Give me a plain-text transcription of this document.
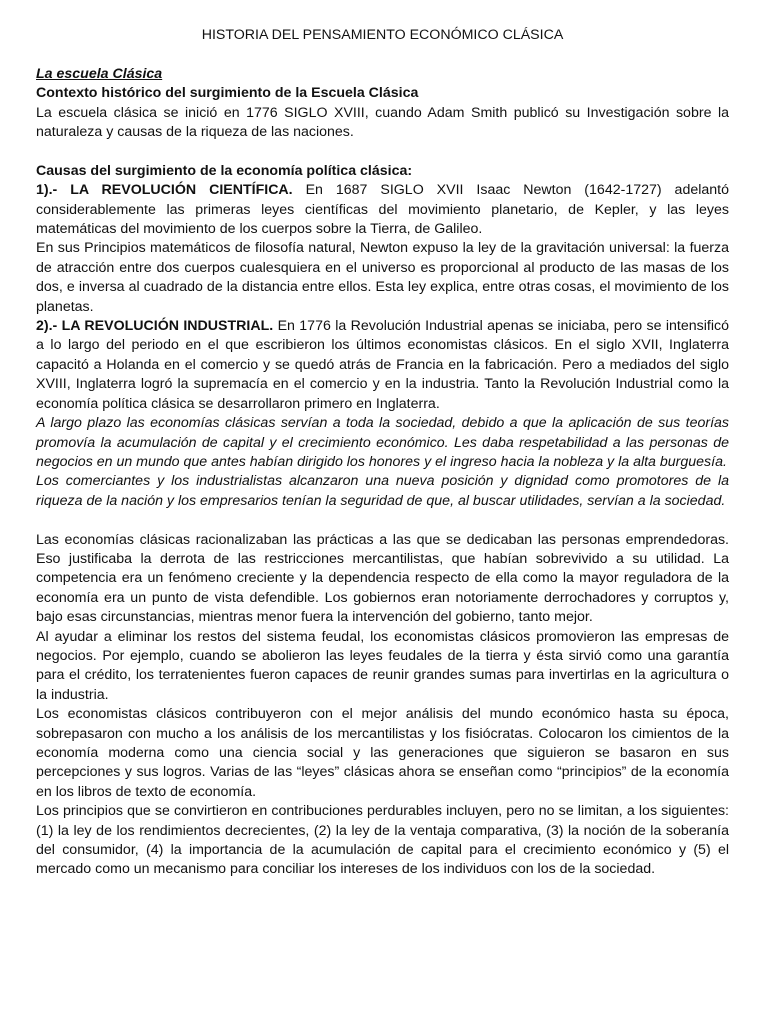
HISTORIA DEL PENSAMIENTO ECONÓMICO CLÁSICA
La escuela Clásica
Contexto histórico del surgimiento de la Escuela Clásica

La escuela clásica se inició en 1776 SIGLO XVIII, cuando Adam Smith publicó su Investigación sobre la naturaleza y causas de la riqueza de las naciones.

Causas del surgimiento de la economía política clásica:

1).- LA REVOLUCIÓN CIENTÍFICA. En 1687 SIGLO XVII Isaac Newton (1642-1727) adelantó considerablemente las primeras leyes científicas del movimiento planetario, de Kepler, y las leyes matemáticas del movimiento de los cuerpos sobre la Tierra, de Galileo.

En sus Principios matemáticos de filosofía natural, Newton expuso la ley de la gravitación universal: la fuerza de atracción entre dos cuerpos cualesquiera en el universo es proporcional al producto de las masas de los dos, e inversa al cuadrado de la distancia entre ellos. Esta ley explica, entre otras cosas, el movimiento de los planetas.

2).- LA REVOLUCIÓN INDUSTRIAL. En 1776 la Revolución Industrial apenas se iniciaba, pero se intensificó a lo largo del periodo en el que escribieron los últimos economistas clásicos. En el siglo XVII, Inglaterra capacitó a Holanda en el comercio y se quedó atrás de Francia en la fabricación. Pero a mediados del siglo XVIII, Inglaterra logró la supremacía en el comercio y en la industria. Tanto la Revolución Industrial como la economía política clásica se desarrollaron primero en Inglaterra.

A largo plazo las economías clásicas servían a toda la sociedad, debido a que la aplicación de sus teorías promovía la acumulación de capital y el crecimiento económico. Les daba respetabilidad a las personas de negocios en un mundo que antes habían dirigido los honores y el ingreso hacia la nobleza y la alta burguesía.

Los comerciantes y los industrialistas alcanzaron una nueva posición y dignidad como promotores de la riqueza de la nación y los empresarios tenían la seguridad de que, al buscar utilidades, servían a la sociedad.

Las economías clásicas racionalizaban las prácticas a las que se dedicaban las personas emprendedoras. Eso justificaba la derrota de las restricciones mercantilistas, que habían sobrevivido a su utilidad. La competencia era un fenómeno creciente y la dependencia respecto de ella como la mayor reguladora de la economía era un punto de vista defendible. Los gobiernos eran notoriamente derrochadores y corruptos y, bajo esas circunstancias, mientras menor fuera la intervención del gobierno, tanto mejor.

Al ayudar a eliminar los restos del sistema feudal, los economistas clásicos promovieron las empresas de negocios. Por ejemplo, cuando se abolieron las leyes feudales de la tierra y ésta sirvió como una garantía para el crédito, los terratenientes fueron capaces de reunir grandes sumas para invertirlas en la agricultura o la industria.

Los economistas clásicos contribuyeron con el mejor análisis del mundo económico hasta su época, sobrepasaron con mucho a los análisis de los mercantilistas y los fisiócratas. Colocaron los cimientos de la economía moderna como una ciencia social y las generaciones que siguieron se basaron en sus percepciones y sus logros. Varias de las “leyes” clásicas ahora se enseñan como “principios” de la economía en los libros de texto de economía.

Los principios que se convirtieron en contribuciones perdurables incluyen, pero no se limitan, a los siguientes: (1) la ley de los rendimientos decrecientes, (2) la ley de la ventaja comparativa, (3) la noción de la soberanía del consumidor, (4) la importancia de la acumulación de capital para el crecimiento económico y (5) el mercado como un mecanismo para conciliar los intereses de los individuos con los de la sociedad.
